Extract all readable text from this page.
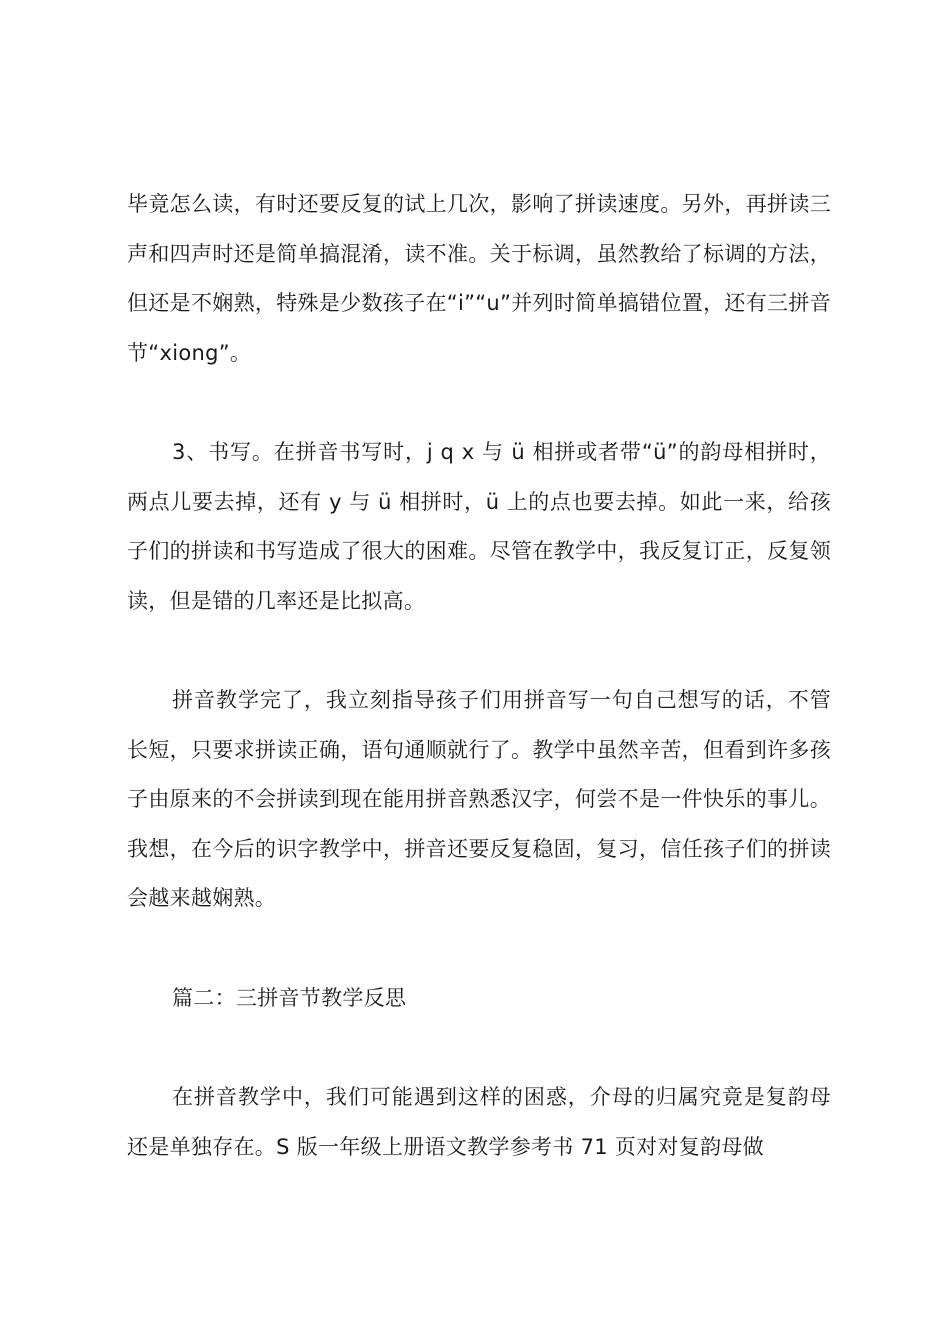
毕竟怎么读，有时还要反复的试上几次，影响了拼读速度。另外，再拼读三声和四声时还是简单搞混淆，读不准。关于标调，虽然教给了标调的方法，但还是不娴熟，特殊是少数孩子在“i”“u”并列时简单搞错位置，还有三拼音节“xiong”。

3、书写。在拼音书写时，j q x 与 ü 相拼或者带“ü”的韵母相拼时，两点儿要去掉，还有 y 与 ü 相拼时，ü 上的点也要去掉。如此一来，给孩子们的拼读和书写造成了很大的困难。尽管在教学中，我反复订正，反复领读，但是错的几率还是比拟高。

拼音教学完了，我立刻指导孩子们用拼音写一句自己想写的话，不管长短，只要求拼读正确，语句通顺就行了。教学中虽然辛苦，但看到许多孩子由原来的不会拼读到现在能用拼音熟悉汉字，何尝不是一件快乐的事儿。我想，在今后的识字教学中，拼音还要反复稳固，复习，信任孩子们的拼读会越来越娴熟。

篇二：三拼音节教学反思

在拼音教学中，我们可能遇到这样的困惑，介母的归属究竟是复韵母还是单独存在。S 版一年级上册语文教学参考书 71 页对对复韵母做
